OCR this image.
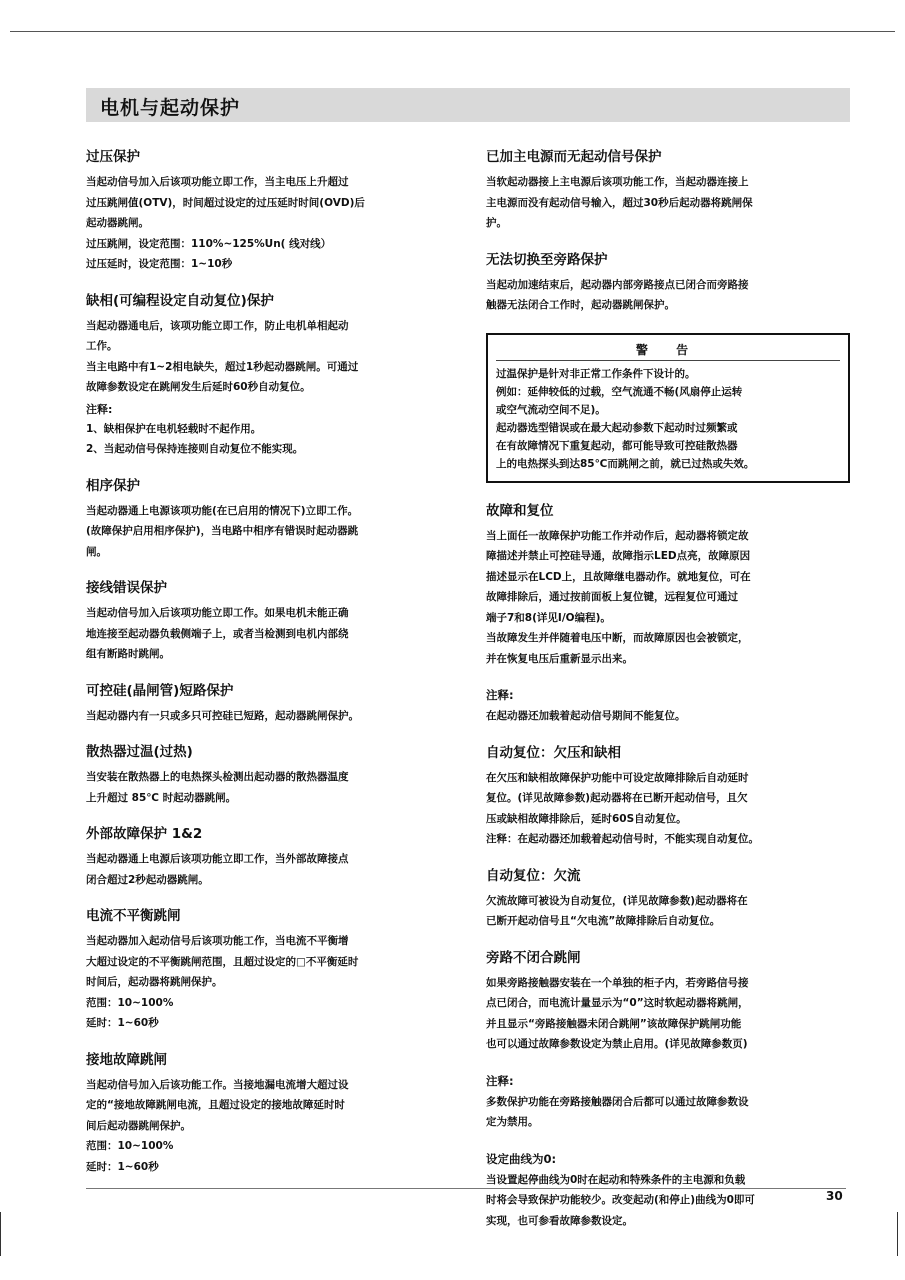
电机与起动保护
过压保护

当起动信号加入后该项功能立即工作，当主电压上升超过

过压跳闸值(OTV)，时间超过设定的过压延时时间(OVD)后

起动器跳闸。

过压跳闸，设定范围：110%~125%Un( 线对线）

过压延时，设定范围：1~10秒

缺相(可编程设定自动复位)保护

当起动器通电后，该项功能立即工作，防止电机单相起动

工作。

当主电路中有1~2相电缺失，超过1秒起动器跳闸。可通过

故障参数设定在跳闸发生后延时60秒自动复位。

注释:

1、缺相保护在电机轻载时不起作用。

2、当起动信号保持连接则自动复位不能实现。

相序保护

当起动器通上电源该项功能(在已启用的情况下)立即工作。

(故障保护启用相序保护)，当电路中相序有错误时起动器跳

闸。

接线错误保护

当起动信号加入后该项功能立即工作。如果电机未能正确

地连接至起动器负载侧端子上，或者当检测到电机内部绕

组有断路时跳闸。

可控硅(晶闸管)短路保护

当起动器内有一只或多只可控硅已短路，起动器跳闸保护。

散热器过温(过热)

当安装在散热器上的电热探头检测出起动器的散热器温度

上升超过 85℃ 时起动器跳闸。

外部故障保护 1&2

当起动器通上电源后该项功能立即工作，当外部故障接点

闭合超过2秒起动器跳闸。

电流不平衡跳闸

当起动器加入起动信号后该项功能工作，当电流不平衡增

大超过设定的不平衡跳闸范围，且超过设定的□不平衡延时

时间后，起动器将跳闸保护。

范围：10~100%

延时：1~60秒

接地故障跳闸

当起动信号加入后该功能工作。当接地漏电流增大超过设

定的“接地故障跳闸电流，且超过设定的接地故障延时时

间后起动器跳闸保护。

范围：10~100%

延时：1~60秒

已加主电源而无起动信号保护

当软起动器接上主电源后该项功能工作，当起动器连接上

主电源而没有起动信号输入，超过30秒后起动器将跳闸保

护。

无法切换至旁路保护

当起动加速结束后，起动器内部旁路接点已闭合而旁路接

触器无法闭合工作时，起动器跳闸保护。

警 告

过温保护是针对非正常工作条件下设计的。

例如：延伸较低的过载，空气流通不畅(风扇停止运转

或空气流动空间不足)。

起动器选型错误或在最大起动参数下起动时过频繁或

在有故障情况下重复起动，都可能导致可控硅散热器

上的电热探头到达85℃而跳闸之前，就已过热或失效。

故障和复位

当上面任一故障保护功能工作并动作后，起动器将锁定故

障描述并禁止可控硅导通，故障指示LED点亮，故障原因

描述显示在LCD上，且故障继电器动作。就地复位，可在

故障排除后，通过按前面板上复位键，远程复位可通过

端子7和8(详见I/O编程)。

当故障发生并伴随着电压中断，而故障原因也会被锁定，

并在恢复电压后重新显示出来。

注释:

在起动器还加载着起动信号期间不能复位。

自动复位：欠压和缺相

在欠压和缺相故障保护功能中可设定故障排除后自动延时

复位。(详见故障参数)起动器将在已断开起动信号，且欠

压或缺相故障排除后，延时60S自动复位。

注释：在起动器还加载着起动信号时，不能实现自动复位。

自动复位：欠流

欠流故障可被设为自动复位，(详见故障参数)起动器将在

已断开起动信号且“欠电流”故障排除后自动复位。

旁路不闭合跳闸

如果旁路接触器安装在一个单独的柜子内，若旁路信号接

点已闭合，而电流计量显示为“0”这时软起动器将跳闸，

并且显示“旁路接触器未闭合跳闸”该故障保护跳闸功能

也可以通过故障参数设定为禁止启用。(详见故障参数页)

注释:

多数保护功能在旁路接触器闭合后都可以通过故障参数设

定为禁用。

设定曲线为0:

当设置起停曲线为0时在起动和特殊条件的主电源和负载

时将会导致保护功能较少。改变起动(和停止)曲线为0即可

实现，也可参看故障参数设定。

30
